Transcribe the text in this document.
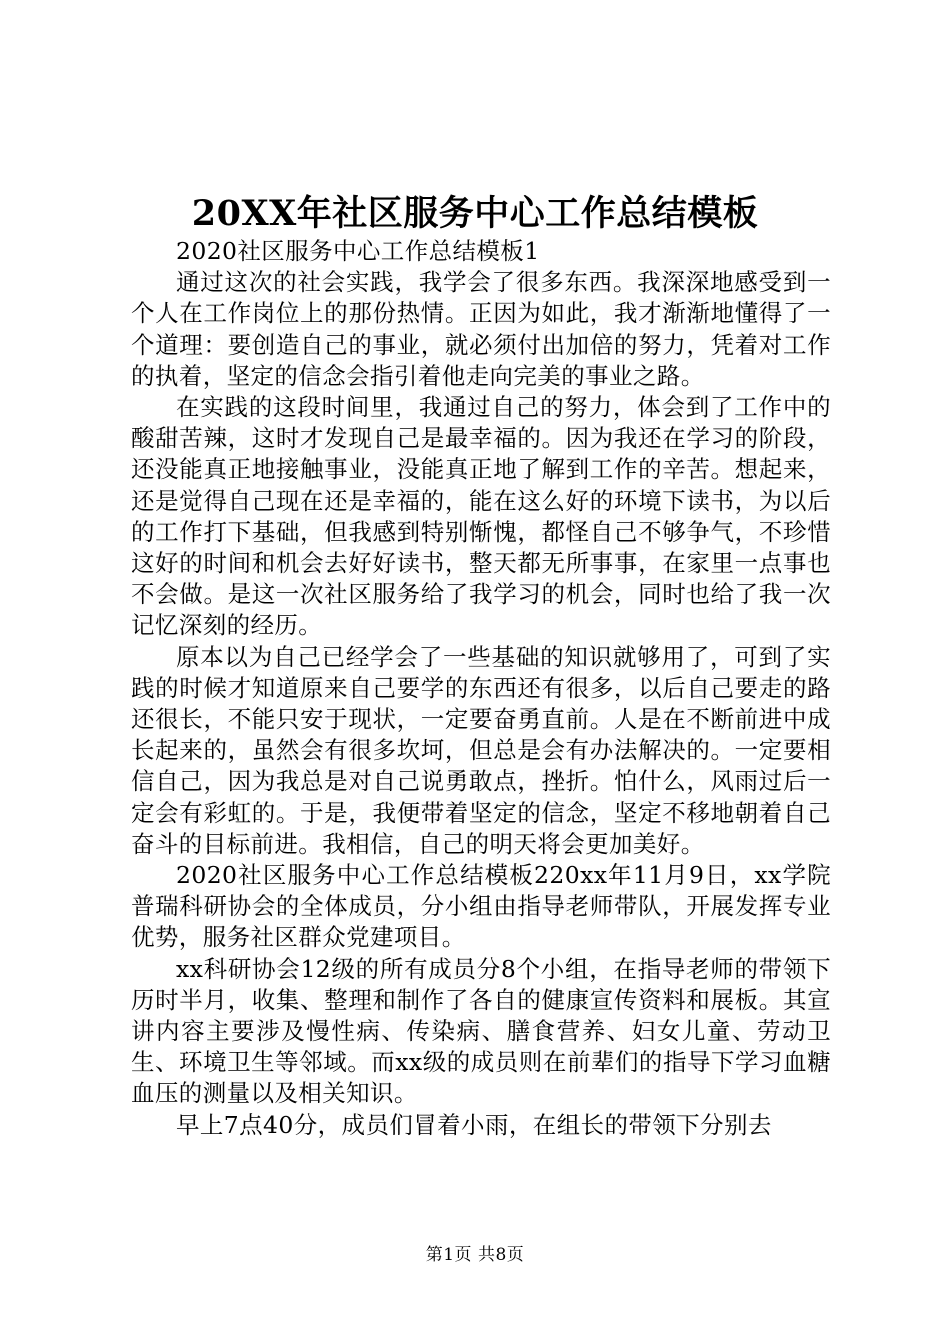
20XX年社区服务中心工作总结模板

2020社区服务中心工作总结模板1

通过这次的社会实践，我学会了很多东西。我深深地感受到一个人在工作岗位上的那份热情。正因为如此，我才渐渐地懂得了一个道理：要创造自己的事业，就必须付出加倍的努力，凭着对工作的执着，坚定的信念会指引着他走向完美的事业之路。

在实践的这段时间里，我通过自己的努力，体会到了工作中的酸甜苦辣，这时才发现自己是最幸福的。因为我还在学习的阶段，还没能真正地接触事业，没能真正地了解到工作的辛苦。想起来，还是觉得自己现在还是幸福的，能在这么好的环境下读书，为以后的工作打下基础，但我感到特别惭愧，都怪自己不够争气，不珍惜这好的时间和机会去好好读书，整天都无所事事，在家里一点事也不会做。是这一次社区服务给了我学习的机会，同时也给了我一次记忆深刻的经历。

原本以为自己已经学会了一些基础的知识就够用了，可到了实践的时候才知道原来自己要学的东西还有很多，以后自己要走的路还很长，不能只安于现状，一定要奋勇直前。人是在不断前进中成长起来的，虽然会有很多坎坷，但总是会有办法解决的。一定要相信自己，因为我总是对自己说勇敢点，挫折。怕什么，风雨过后一定会有彩虹的。于是，我便带着坚定的信念，坚定不移地朝着自己奋斗的目标前进。我相信，自己的明天将会更加美好。

2020社区服务中心工作总结模板220xx年11月9日，xx学院普瑞科研协会的全体成员，分小组由指导老师带队，开展发挥专业优势，服务社区群众党建项目。

xx科研协会12级的所有成员分8个小组，在指导老师的带领下历时半月，收集、整理和制作了各自的健康宣传资料和展板。其宣讲内容主要涉及慢性病、传染病、膳食营养、妇女儿童、劳动卫生、环境卫生等邻域。而xx级的成员则在前辈们的指导下学习血糖血压的测量以及相关知识。

早上7点40分，成员们冒着小雨，在组长的带领下分别去

第1页 共8页
